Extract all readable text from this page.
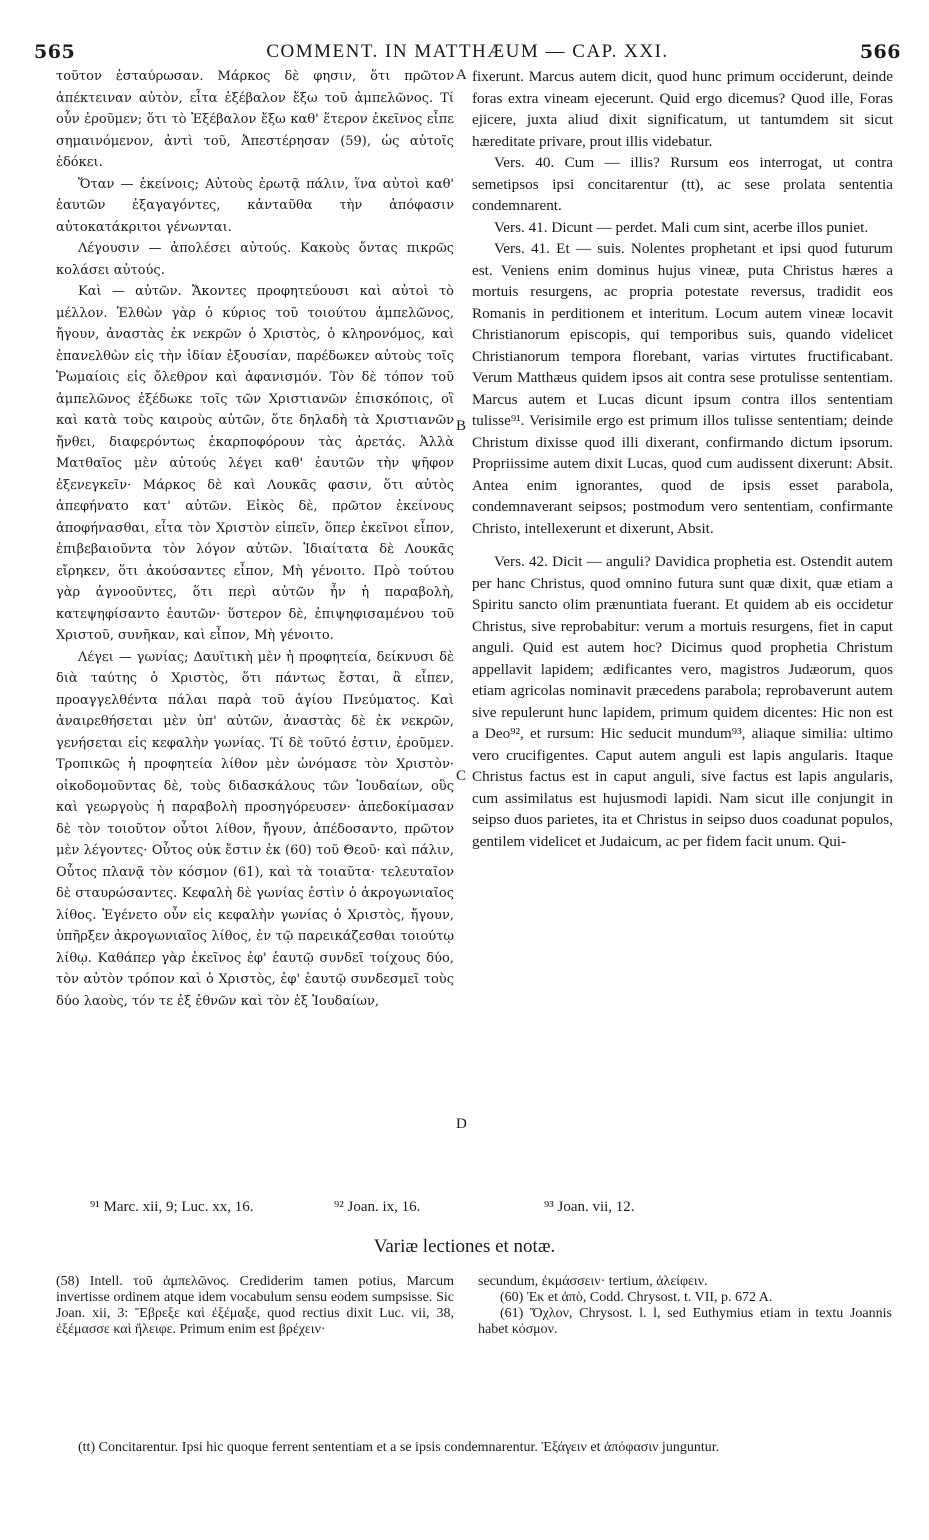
565	COMMENT. IN MATTHÆUM — CAP. XXI.	566

τοῦτον ἐσταύρωσαν. Μάρκος δὲ φησιν, ὅτι πρῶτον ἀπέκτειναν αὐτὸν, εἶτα ἐξέβαλον ἔξω τοῦ ἀμπελῶνος. Τί οὖν ἐροῦμεν; ὅτι τὸ Ἐξέβαλον ἔξω καθ' ἕτερον ἐκεῖνος εἶπε σημαινόμενον, ἀντὶ τοῦ, Ἀπεστέρησαν (59), ὡς αὐτοῖς ἐδόκει.

Ὅταν — ἐκείνοις; Αὐτοὺς ἐρωτᾷ πάλιν, ἵνα αὐτοὶ καθ' ἑαυτῶν ἐξαγαγόντες, κἀνταῦθα τὴν ἀπόφασιν αὐτοκατάκριτοι γένωνται.

Λέγουσιν — ἀπολέσει αὐτούς. Κακοὺς ὄντας πικρῶς κολάσει αὐτούς.

Καὶ — αὐτῶν. Ἄκοντες προφητεύουσι καὶ αὐτοὶ τὸ μέλλον. Ἐλθὼν γὰρ ὁ κύριος τοῦ τοιούτου ἀμπελῶνος, ἤγουν, ἀναστὰς ἐκ νεκρῶν ὁ Χριστὸς, ὁ κληρονόμος, καὶ ἐπανελθὼν εἰς τὴν ἰδίαν ἐξουσίαν, παρέδωκεν αὐτοὺς τοῖς Ῥωμαίοις εἰς ὄλεθρον καὶ ἀφανισμόν. Τὸν δὲ τόπον τοῦ ἀμπελῶνος ἐξέδωκε τοῖς τῶν Χριστιανῶν ἐπισκόποις, οἳ καὶ κατὰ τοὺς καιροὺς αὐτῶν, ὅτε δηλαδὴ τὰ Χριστιανῶν ἤνθει, διαφερόντως ἐκαρποφόρουν τὰς ἀρετάς. Ἀλλὰ Ματθαῖος μὲν αὐτούς λέγει καθ' ἑαυτῶν τὴν ψῆφον ἐξενεγκεῖν· Μάρκος δὲ καὶ Λουκᾶς φασιν, ὅτι αὐτὸς ἀπεφήνατο κατ' αὐτῶν. Εἰκὸς δὲ, πρῶτον ἐκείνους ἀποφήνασθαι, εἶτα τὸν Χριστὸν εἰπεῖν, ὅπερ ἐκεῖνοι εἶπον, ἐπιβεβαιοῦντα τὸν λόγον αὐτῶν. Ἰδιαίτατα δὲ Λουκᾶς εἴρηκεν, ὅτι ἀκούσαντες εἶπον, Μὴ γένοιτο. Πρὸ τούτου γὰρ ἀγνοοῦντες, ὅτι περὶ αὐτῶν ἦν ἡ παραβολὴ, κατεψηφίσαντο ἑαυτῶν· ὕστερον δὲ, ἐπιψηφισαμένου τοῦ Χριστοῦ, συνῆκαν, καὶ εἶπον, Μὴ γένοιτο.

Λέγει — γωνίας; Δαυϊτικὴ μὲν ἡ προφητεία, δείκνυσι δὲ διὰ ταύτης ὁ Χριστὸς, ὅτι πάντως ἔσται, ἃ εἶπεν, προαγγελθέντα πάλαι παρὰ τοῦ ἁγίου Πνεύματος. Καὶ ἀναιρεθήσεται μὲν ὑπ' αὐτῶν, ἀναστὰς δὲ ἐκ νεκρῶν, γενήσεται εἰς κεφαλὴν γωνίας. Τί δὲ τοῦτό ἐστιν, ἐροῦμεν. Τροπικῶς ἡ προφητεία λίθον μὲν ὠνόμασε τὸν Χριστὸν· οἰκοδομοῦντας δὲ, τοὺς διδασκάλους τῶν Ἰουδαίων, οὓς καὶ γεωργοὺς ἡ παραβολὴ προσηγόρευσεν· ἀπεδοκίμασαν δὲ τὸν τοιοῦτον οὗτοι λίθον, ἤγουν, ἀπέδοσαντο, πρῶτον μὲν λέγοντες· Οὗτος οὐκ ἔστιν ἐκ (60) τοῦ Θεοῦ· καὶ πάλιν, Οὗτος πλανᾷ τὸν κόσμον (61), καὶ τὰ τοιαῦτα· τελευταῖον δὲ σταυρώσαντες. Κεφαλὴ δὲ γωνίας ἐστὶν ὁ ἀκρογωνιαῖος λίθος. Ἐγένετο οὖν εἰς κεφαλὴν γωνίας ὁ Χριστὸς, ἤγουν, ὑπῆρξεν ἀκρογωνιαῖος λίθος, ἐν τῷ παρεικάζεσθαι τοιούτῳ λίθῳ. Καθάπερ γὰρ ἐκεῖνος ἐφ' ἑαυτῷ συνδεῖ τοίχους δύο, τὸν αὐτὸν τρόπον καὶ ὁ Χριστὸς, ἐφ' ἑαυτῷ συνδεσμεῖ τοὺς δύο λαοὺς, τόν τε ἐξ ἐθνῶν καὶ τὸν ἐξ Ἰουδαίων,

fixerunt. Marcus autem dicit, quod hunc primum occiderunt, deinde foras extra vineam ejecerunt. Quid ergo dicemus? Quod ille, Foras ejicere, juxta aliud dixit significatum, ut tantumdem sit sicut hæreditate privare, prout illis videbatur.

Vers. 40. Cum — illis? Rursum eos interrogat, ut contra semetipsos ipsi concitarentur (tt), ac sese prolata sententia condemnarent.

Vers. 41. Dicunt — perdet. Mali cum sint, acerbe illos puniet.

Vers. 41. Et — suis. Nolentes prophetant et ipsi quod futurum est. Veniens enim dominus hujus vineæ, puta Christus hæres a mortuis resurgens, ac propria potestate reversus, tradidit eos Romanis in perditionem et interitum. Locum autem vineæ locavit Christianorum episcopis, qui temporibus suis, quando videlicet Christianorum tempora florebant, varias virtutes fructificabant. Verum Matthæus quidem ipsos ait contra sese protulisse sententiam. Marcus autem et Lucas dicunt ipsum contra illos sententiam tulisse⁹¹. Verisimile ergo est primum illos tulisse sententiam; deinde Christum dixisse quod illi dixerant, confirmando dictum ipsorum. Propriissime autem dixit Lucas, quod cum audissent dixerunt: Absit. Antea enim ignorantes, quod de ipsis esset parabola, condemnaverant seipsos; postmodum vero sententiam, confirmante Christo, intellexerunt et dixerunt, Absit.

Vers. 42. Dicit — anguli? Davidica prophetia est. Ostendit autem per hanc Christus, quod omnino futura sunt quæ dixit, quæ etiam a Spiritu sancto olim prænuntiata fuerant. Et quidem ab eis occidetur Christus, sive reprobabitur: verum a mortuis resurgens, fiet in caput anguli. Quid est autem hoc? Dicimus quod prophetia Christum appellavit lapidem; ædificantes vero, magistros Judæorum, quos etiam agricolas nominavit præcedens parabola; reprobaverunt autem sive repulerunt hunc lapidem, primum quidem dicentes: Hic non est a Deo⁹², et rursum: Hic seducit mundum⁹³, aliaque similia: ultimo vero crucifigentes. Caput autem anguli est lapis angularis. Itaque Christus factus est in caput anguli, sive factus est lapis angularis, cum assimilatus est hujusmodi lapidi. Nam sicut ille conjungit in seipso duos parietes, ita et Christus in seipso duos coadunat populos, gentilem videlicet et Judaicum, ac per fidem facit unum. Qui-

A
B
C
D
⁹¹ Marc. xii, 9; Luc. xx, 16.	⁹² Joan. ix, 16.	⁹³ Joan. vii, 12.
Variæ lectiones et notæ.
(58) Intell. τοῦ ἀμπελῶνος. Crediderim tamen potius, Marcum invertisse ordinem atque idem vocabulum sensu eodem sumpsisse. Sic Joan. xii, 3: Ἔβρεξε καὶ ἐξέμαξε, quod rectius dixit Luc. vii, 38, ἐξέμασσε καὶ ἤλειφε. Primum enim est βρέχειν·
secundum, ἐκμάσσειν· tertium, ἀλείφειν.
(60) Ἐκ et ἀπὸ, Codd. Chrysost. t. VII, p. 672 A.
(61) Ὄχλον, Chrysost. l. l, sed Euthymius etiam in textu Joannis habet κόσμον.
(tt) Concitarentur. Ipsi hic quoque ferrent sententiam et a se ipsis condemnarentur. Ἐξάγειν et ἀπόφασιν junguntur.
